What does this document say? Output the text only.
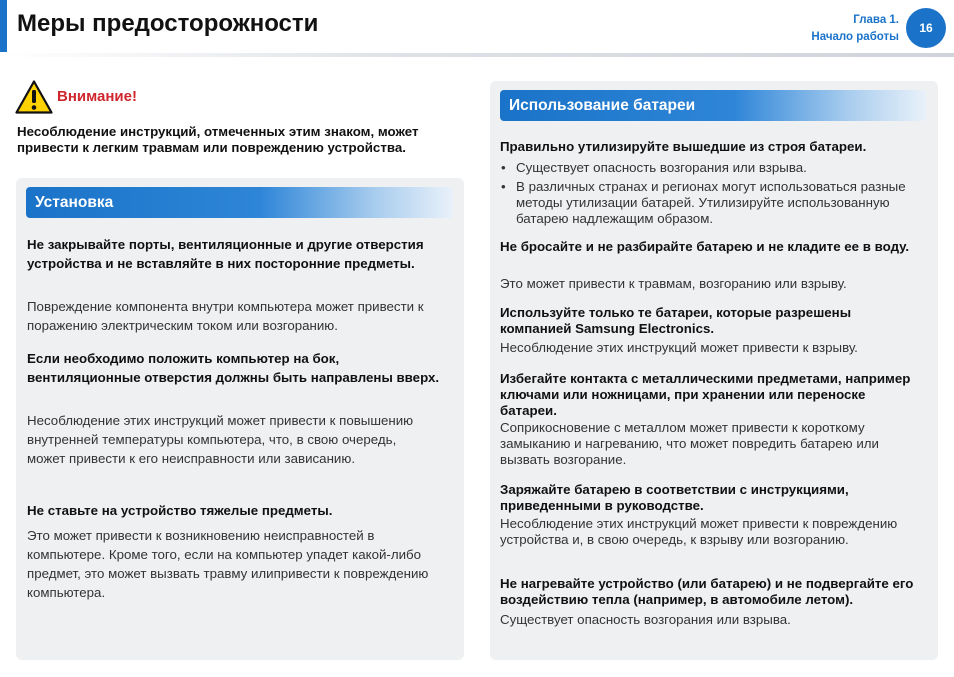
Меры предосторожности	Глава 1.
Начало работы
16
Внимание!
Несоблюдение инструкций, отмеченных этим знаком, может привести к легким травмам или повреждению устройства.
Установка
Не закрывайте порты, вентиляционные и другие отверстия устройства и не вставляйте в них посторонние предметы.
Повреждение компонента внутри компьютера может привести к поражению электрическим током или возгоранию.
Если необходимо положить компьютер на бок, вентиляционные отверстия должны быть направлены вверх.
Несоблюдение этих инструкций может привести к повышению внутренней температуры компьютера, что, в свою очередь, может привести к его неисправности или зависанию.
Не ставьте на устройство тяжелые предметы.
Это может привести к возникновению неисправностей в компьютере. Кроме того, если на компьютер упадет какой-либо предмет, это может вызвать травму илипривести к повреждению компьютера.
Использование батареи
Правильно утилизируйте вышедшие из строя батареи.
• Существует опасность возгорания или взрыва.
• В различных странах и регионах могут использоваться разные методы утилизации батарей. Утилизируйте использованную батарею надлежащим образом.
Не бросайте и не разбирайте батарею и не кладите ее в воду.
Это может привести к травмам, возгоранию или взрыву.
Используйте только те батареи, которые разрешены компанией Samsung Electronics.
Несоблюдение этих инструкций может привести к взрыву.
Избегайте контакта с металлическими предметами, например ключами или ножницами, при хранении или переноске батареи.
Соприкосновение с металлом может привести к короткому замыканию и нагреванию, что может повредить батарею или вызвать возгорание.
Заряжайте батарею в соответствии с инструкциями, приведенными в руководстве.
Несоблюдение этих инструкций может привести к повреждению устройства и, в свою очередь, к взрыву или возгоранию.
Не нагревайте устройство (или батарею) и не подвергайте его воздействию тепла (например, в автомобиле летом).
Существует опасность возгорания или взрыва.
